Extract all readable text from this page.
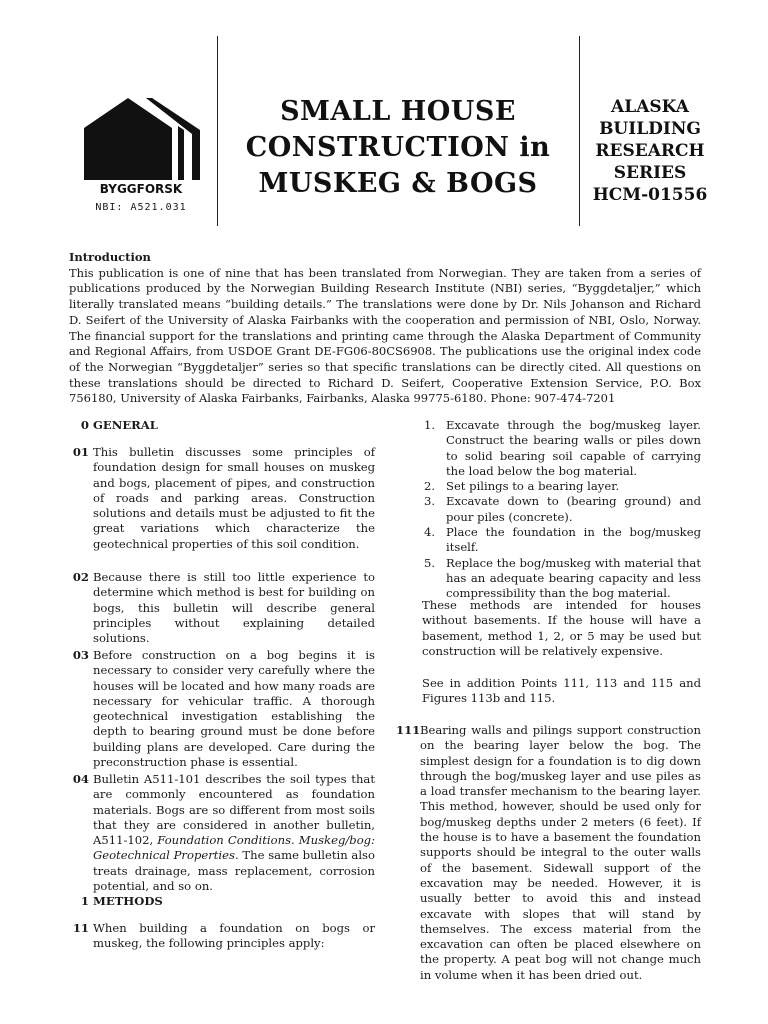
BYGGFORSK
NBI: A521.031
SMALL HOUSE
CONSTRUCTION in
MUSKEG & BOGS
ALASKA
BUILDING
RESEARCH
SERIES
HCM-01556
Introduction
This publication is one of nine that has been translated from Norwegian. They are taken from a series of publications produced by the Norwegian Building Research Institute (NBI) series, “Byggdetaljer,” which literally translated means “building details.” The translations were done by Dr. Nils Johanson and Richard D. Seifert of the University of Alaska Fairbanks with the cooperation and permission of NBI, Oslo, Norway. The financial support for the translations and printing came through the Alaska Department of Community and Regional Affairs, from USDOE Grant DE-FG06-80CS6908. The publications use the original index code of the Norwegian “Byggdetaljer” series so that specific translations can be directly cited. All questions on these translations should be directed to Richard D. Seifert, Cooperative Extension Service, P.O. Box 756180, University of Alaska Fairbanks, Fairbanks, Alaska 99775-6180. Phone: 907-474-7201
0 GENERAL
01 This bulletin discusses some principles of foundation design for small houses on muskeg and bogs, placement of pipes, and construction of roads and parking areas. Construction solutions and details must be adjusted to fit the great variations which characterize the geotechnical properties of this soil condition.
02 Because there is still too little experience to determine which method is best for building on bogs, this bulletin will describe general principles without explaining detailed solutions.
03 Before construction on a bog begins it is necessary to consider very carefully where the houses will be located and how many roads are necessary for vehicular traffic. A thorough geotechnical investigation establishing the depth to bearing ground must be done before building plans are developed. Care during the preconstruction phase is essential.
04 Bulletin A511-101 describes the soil types that are commonly encountered as foundation materials. Bogs are so different from most soils that they are considered in another bulletin, A511-102, Foundation Conditions. Muskeg/bog: Geotechnical Properties. The same bulletin also treats drainage, mass replacement, corrosion potential, and so on.
1 METHODS
11 When building a foundation on bogs or muskeg, the following principles apply:
1. Excavate through the bog/muskeg layer. Construct the bearing walls or piles down to solid bearing soil capable of carrying the load below the bog material.
2. Set pilings to a bearing layer.
3. Excavate down to (bearing ground) and pour piles (concrete).
4. Place the foundation in the bog/muskeg itself.
5. Replace the bog/muskeg with material that has an adequate bearing capacity and less compressibility than the bog material.
These methods are intended for houses without basements. If the house will have a basement, method 1, 2, or 5 may be used but construction will be relatively expensive.
See in addition Points 111, 113 and 115 and Figures 113b and 115.
111 Bearing walls and pilings support construction on the bearing layer below the bog. The simplest design for a foundation is to dig down through the bog/muskeg layer and use piles as a load transfer mechanism to the bearing layer. This method, however, should be used only for bog/muskeg depths under 2 meters (6 feet). If the house is to have a basement the foundation supports should be integral to the outer walls of the basement. Sidewall support of the excavation may be needed. However, it is usually better to avoid this and instead excavate with slopes that will stand by themselves. The excess material from the excavation can often be placed elsewhere on the property. A peat bog will not change much in volume when it has been dried out.
